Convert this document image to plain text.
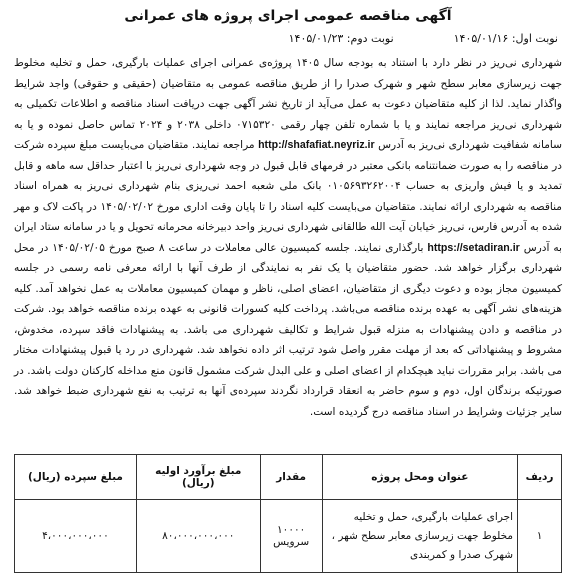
آگهی مناقصه عمومی اجرای پروژه های عمرانی
نوبت اول: ۱۴۰۵/۰۱/۱۶
نوبت دوم: ۱۴۰۵/۰۱/۲۳

شهرداری نی‌ریز در نظر دارد با استناد به بودجه سال ۱۴۰۵ پروژه‌ی عمرانی اجرای عملیات بارگیری، حمل و تخلیه مخلوط جهت زیرسازی معابر سطح شهر و شهرک صدرا را از طریق مناقصه عمومی به متقاضیان (حقیقی و حقوقی) واجد شرایط واگذار نماید. لذا از کلیه متقاضیان دعوت به عمل می‌آید از تاریخ نشر آگهی جهت دریافت اسناد مناقصه و اطلاعات تکمیلی به شهرداری نی‌ریز مراجعه نمایند و یا با شماره تلفن چهار رقمی ۰۷۱۵۳۲۰ داخلی ۲۰۳۸ و ۲۰۲۴ تماس حاصل نموده و یا به سامانه شفافیت شهرداری نی‌ریز به آدرس http://shafafiat.neyriz.ir مراجعه نمایند. متقاضیان می‌بایست مبلغ سپرده شرکت در مناقصه را به صورت ضمانتنامه بانکی معتبر در فرمهای قابل قبول در وجه شهرداری نی‌ریز با اعتبار حداقل سه ماهه و قابل تمدید و یا فیش واریزی به حساب ۰۱۰۵۶۹۳۲۶۲۰۰۴ بانک ملی شعبه احمد نی‌ریزی بنام شهرداری نی‌ریز به همراه اسناد مناقصه به شهرداری ارائه نمایند. متقاضیان می‌بایست کلیه اسناد را تا پایان وقت اداری مورخ ۱۴۰۵/۰۲/۰۲ در پاکت لاک و مهر شده به آدرس فارس، نی‌ریز خیابان آیت الله طالقانی شهرداری نی‌ریز واحد دبیرخانه محرمانه تحویل و یا در سامانه ستاد ایران به آدرس https://setadiran.ir بارگذاری نمایند. جلسه کمیسیون عالی معاملات در ساعت ۸ صبح مورخ ۱۴۰۵/۰۲/۰۵ در محل شهرداری برگزار خواهد شد. حضور متقاضیان یا یک نفر به نمایندگی از طرف آنها با ارائه معرفی نامه رسمی در جلسه کمیسیون مجاز بوده و دعوت دیگری از متقاضیان، اعضای اصلی، ناظر و مهمان کمیسیون معاملات به عمل نخواهد آمد. کلیه هزینه‌های نشر آگهی به عهده برنده مناقصه می‌باشد. پرداخت کلیه کسورات قانونی به عهده برنده مناقصه خواهد بود. شرکت در مناقصه و دادن پیشنهادات به منزله قبول شرایط و تکالیف شهرداری می باشد. به پیشنهادات فاقد سپرده، مخدوش، مشروط و پیشنهاداتی که بعد از مهلت مقرر واصل شود ترتیب اثر داده نخواهد شد. شهرداری در رد یا قبول پیشنهادات مختار می باشد. برابر مقررات نباید هیچکدام از اعضای اصلی و علی البدل شرکت مشمول قانون منع مداخله کارکنان دولت باشد. در صورتیکه برندگان اول، دوم و سوم حاضر به انعقاد قرارداد نگردند سپرده‌ی آنها به ترتیب به نفع شهرداری ضبط خواهد شد. سایر جزئیات وشرایط در اسناد مناقصه درج گردیده است.

ردیف	عنوان ومحل پروژه	مقدار	مبلغ برآورد اولیه (ریال)	مبلغ سپرده (ریال)
۱	اجرای عملیات بارگیری، حمل و تخلیه مخلوط جهت زیرسازی معابر سطح شهر ، شهرک صدرا و کمربندی	۱۰۰۰۰ سرویس	۸۰،۰۰۰،۰۰۰،۰۰۰	۴،۰۰۰،۰۰۰،۰۰۰
